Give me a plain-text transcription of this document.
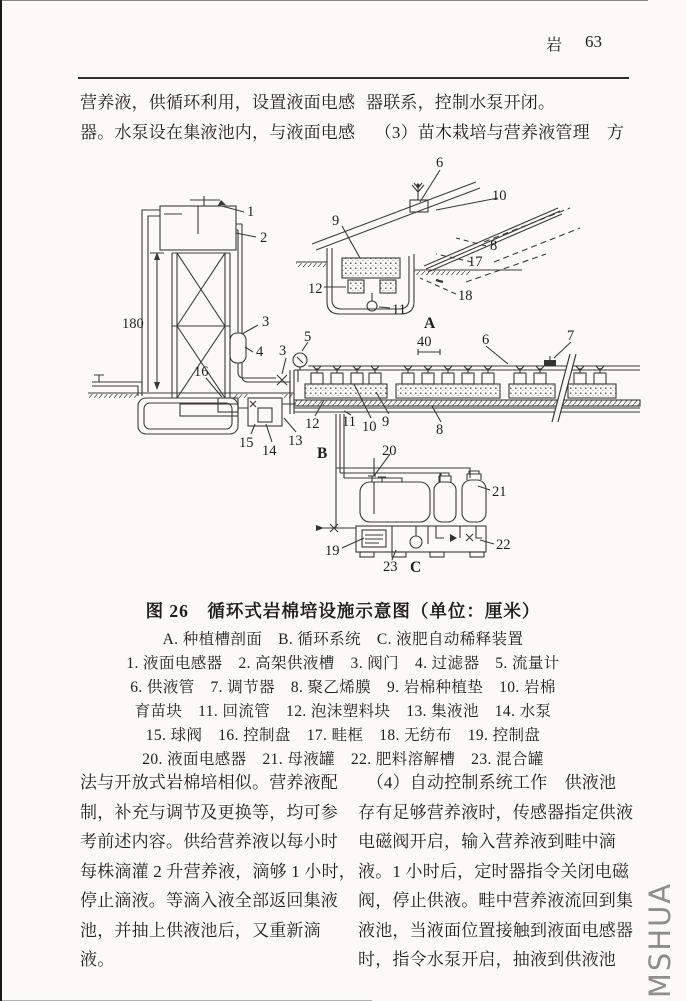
岩 63
营养液，供循环利用，设置液面电感
器。水泵设在集液池内，与液面电感
器联系，控制水泵开闭。
　（3）苗木栽培与营养液管理　方
1
2
180	3
4
16
6
10
9
8
17
12	18
11
A
5
3
40	6	7
12 11 10 9	8
15 14
13
B	20
21
19	22
23 C
图 26　循环式岩棉培设施示意图（单位：厘米）
A. 种植槽剖面　B. 循环系统　C. 液肥自动稀释装置
1. 液面电感器　2. 高架供液槽　3. 阀门　4. 过滤器　5. 流量计
6. 供液管　7. 调节器　8. 聚乙烯膜　9. 岩棉种植垫　10. 岩棉
育苗块　11. 回流管　12. 泡沫塑料块　13. 集液池　14. 水泵
15. 球阀　16. 控制盘　17. 畦框　18. 无纺布　19. 控制盘
20. 液面电感器　21. 母液罐　22. 肥料溶解槽　23. 混合罐
法与开放式岩棉培相似。营养液配
制，补充与调节及更换等，均可参
考前述内容。供给营养液以每小时
每株滴灌 2 升营养液，滴够 1 小时，
停止滴液。等滴入液全部返回集液
池，并抽上供液池后，又重新滴
液。
　（4）自动控制系统工作　供液池
存有足够营养液时，传感器指定供液
电磁阀开启，输入营养液到畦中滴
液。1 小时后，定时器指令关闭电磁
阀，停止供液。畦中营养液流回到集
液池，当液面位置接触到液面电感器
时，指令水泵开启，抽液到供液池 MSHUA
